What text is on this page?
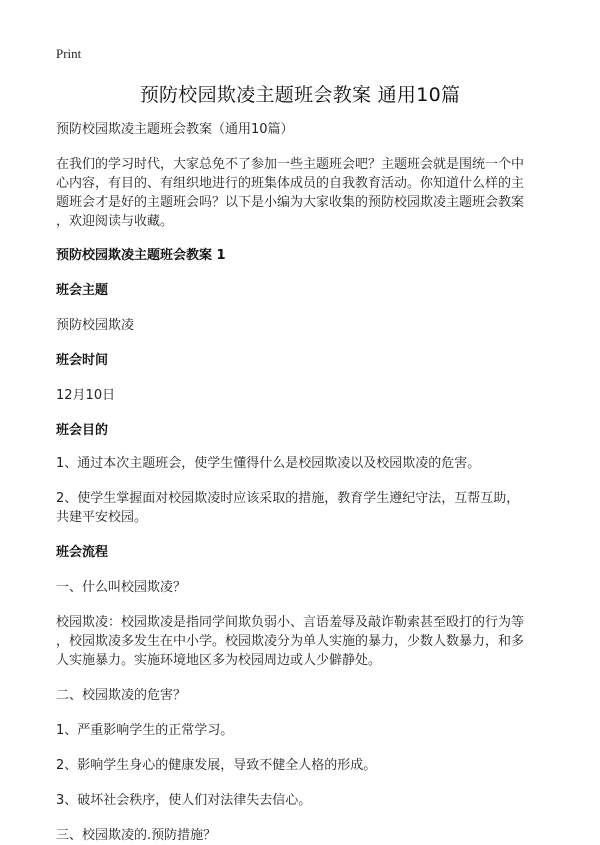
Print
预防校园欺凌主题班会教案 通用10篇

预防校园欺凌主题班会教案（通用10篇）

在我们的学习时代，大家总免不了参加一些主题班会吧？主题班会就是围统一个中
心内容，有目的、有组织地进行的班集体成员的自我教育活动。你知道什么样的主
题班会才是好的主题班会吗？以下是小编为大家收集的预防校园欺凌主题班会教案
，欢迎阅读与收藏。

预防校园欺凌主题班会教案 1

班会主题

预防校园欺凌

班会时间

12月10日

班会目的

1、通过本次主题班会，使学生懂得什么是校园欺凌以及校园欺凌的危害。

2、使学生掌握面对校园欺凌时应该采取的措施，教育学生遵纪守法，互帮互助，
共建平安校园。

班会流程

一、什么叫校园欺凌？

校园欺凌：校园欺凌是指同学间欺负弱小、言语羞辱及敲诈勒索甚至殴打的行为等
，校园欺凌多发生在中小学。校园欺凌分为单人实施的暴力，少数人数暴力，和多
人实施暴力。实施环境地区多为校园周边或人少僻静处。

二、校园欺凌的危害？

1、严重影响学生的正常学习。

2、影响学生身心的健康发展，导致不健全人格的形成。

3、破坏社会秩序，使人们对法律失去信心。

三、校园欺凌的.预防措施？
